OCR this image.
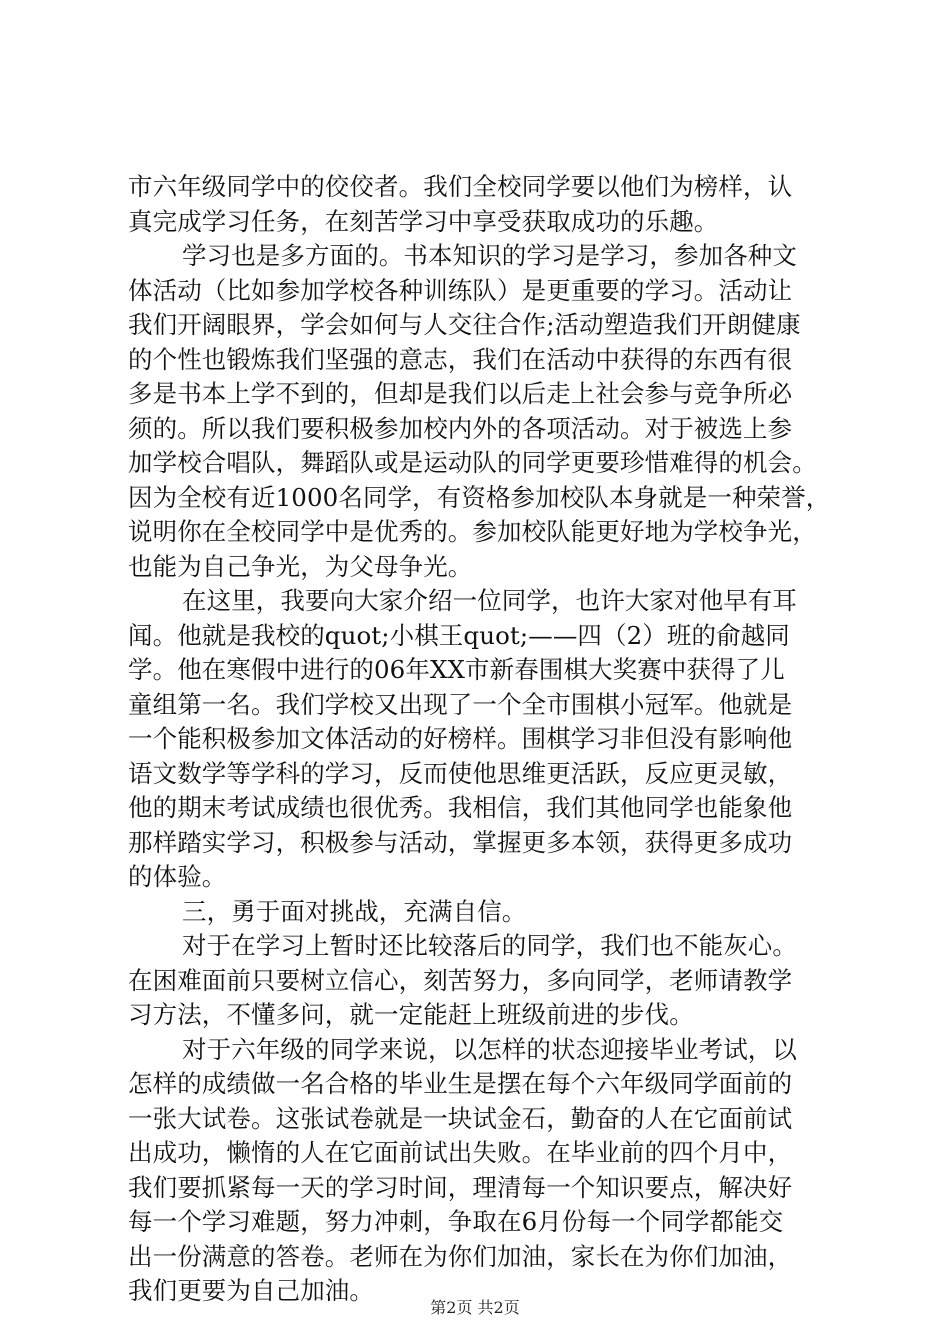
市六年级同学中的佼佼者。我们全校同学要以他们为榜样，认
真完成学习任务，在刻苦学习中享受获取成功的乐趣。
学习也是多方面的。书本知识的学习是学习，参加各种文
体活动（比如参加学校各种训练队）是更重要的学习。活动让
我们开阔眼界，学会如何与人交往合作;活动塑造我们开朗健康
的个性也锻炼我们坚强的意志，我们在活动中获得的东西有很
多是书本上学不到的，但却是我们以后走上社会参与竞争所必
须的。所以我们要积极参加校内外的各项活动。对于被选上参
加学校合唱队，舞蹈队或是运动队的同学更要珍惜难得的机会。
因为全校有近1000名同学，有资格参加校队本身就是一种荣誉，
说明你在全校同学中是优秀的。参加校队能更好地为学校争光，
也能为自己争光，为父母争光。
在这里，我要向大家介绍一位同学，也许大家对他早有耳
闻。他就是我校的quot;小棋王quot;——四（2）班的俞越同
学。他在寒假中进行的06年XX市新春围棋大奖赛中获得了儿
童组第一名。我们学校又出现了一个全市围棋小冠军。他就是
一个能积极参加文体活动的好榜样。围棋学习非但没有影响他
语文数学等学科的学习，反而使他思维更活跃，反应更灵敏，
他的期末考试成绩也很优秀。我相信，我们其他同学也能象他
那样踏实学习，积极参与活动，掌握更多本领，获得更多成功
的体验。
三，勇于面对挑战，充满自信。
对于在学习上暂时还比较落后的同学，我们也不能灰心。
在困难面前只要树立信心，刻苦努力，多向同学，老师请教学
习方法，不懂多问，就一定能赶上班级前进的步伐。
对于六年级的同学来说，以怎样的状态迎接毕业考试，以
怎样的成绩做一名合格的毕业生是摆在每个六年级同学面前的
一张大试卷。这张试卷就是一块试金石，勤奋的人在它面前试
出成功，懒惰的人在它面前试出失败。在毕业前的四个月中，
我们要抓紧每一天的学习时间，理清每一个知识要点，解决好
每一个学习难题，努力冲刺，争取在6月份每一个同学都能交
出一份满意的答卷。老师在为你们加油，家长在为你们加油，
我们更要为自己加油。
第2页 共2页
